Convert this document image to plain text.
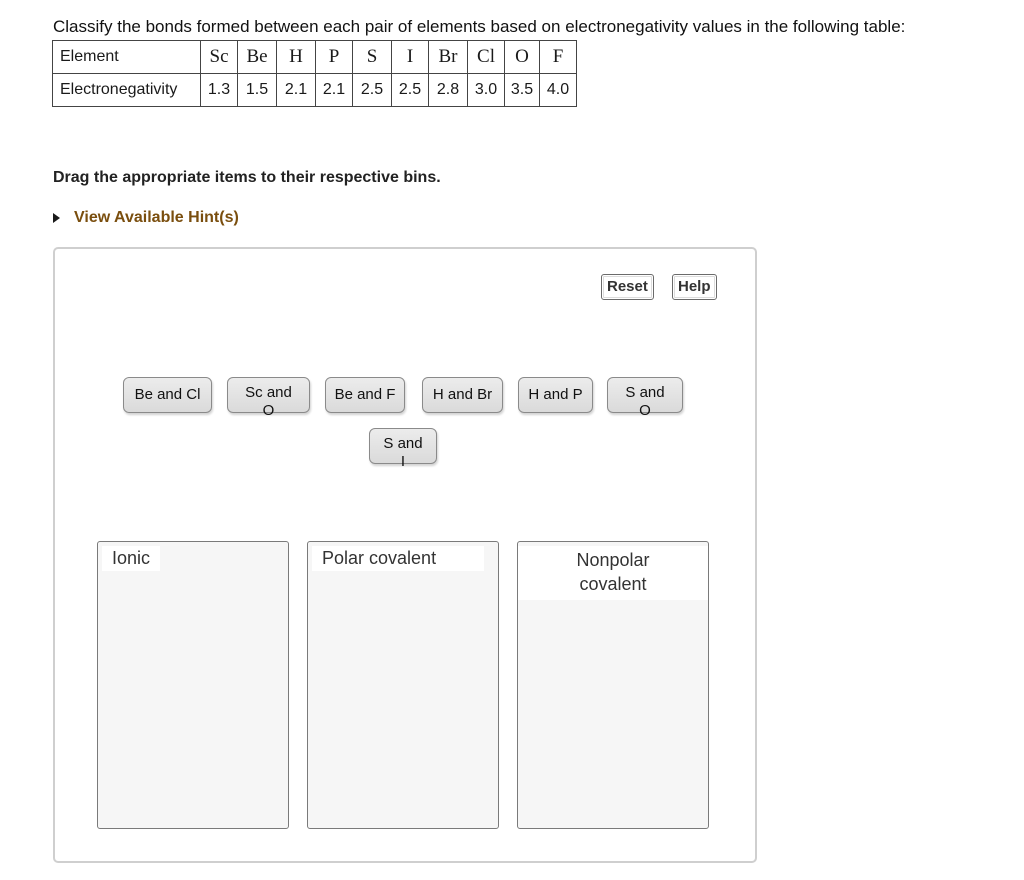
Classify the bonds formed between each pair of elements based on electronegativity values in the following table:
Element	Sc	Be	H	P	S	I	Br	Cl	O	F
Electronegativity	1.3	1.5	2.1	2.1	2.5	2.5	2.8	3.0	3.5	4.0
Drag the appropriate items to their respective bins.
View Available Hint(s)
Reset	Help
Be and Cl	Sc and
O
Be and F	H and Br	H and P	S and
O
S and
I
Ionic	Polar covalent	Nonpolar covalent
